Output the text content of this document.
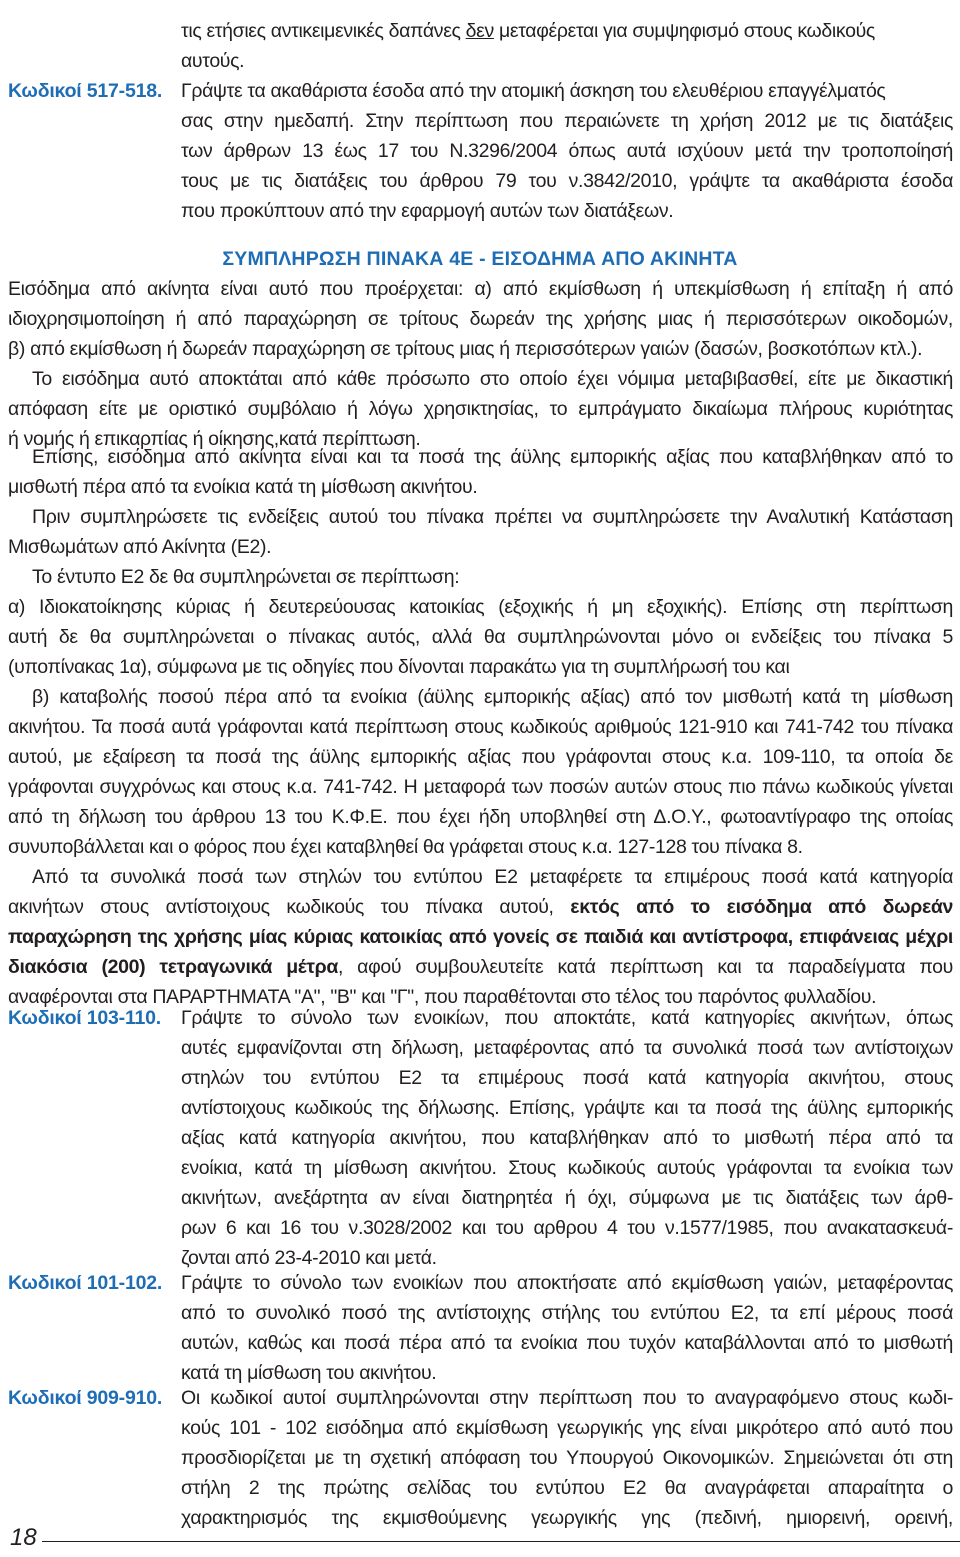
τις ετήσιες αντικειμενικές δαπάνες δεν μεταφέρεται για συμψηφισμό στους κωδικούς
αυτούς.
Κωδικοί 517-518. Γράψτε τα ακαθάριστα έσοδα από την ατομική άσκηση του ελευθέριου επαγγέλματός
σας στην ημεδαπή. Στην περίπτωση που περαιώνετε τη χρήση 2012 με τις διατάξεις
των άρθρων 13 έως 17 του Ν.3296/2004 όπως αυτά ισχύουν μετά την τροποποίησή
τους με τις διατάξεις του άρθρου 79 του ν.3842/2010, γράψτε τα ακαθάριστα έσοδα
που προκύπτουν από την εφαρμογή αυτών των διατάξεων.
ΣΥΜΠΛΗΡΩΣΗ ΠΙΝΑΚΑ 4Ε - ΕΙΣΟΔΗΜΑ ΑΠΟ ΑΚΙΝΗΤΑ
Εισόδημα από ακίνητα είναι αυτό που προέρχεται: α) από εκμίσθωση ή υπεκμίσθωση ή επίταξη ή από
ιδιοχρησιμοποίηση ή από παραχώρηση σε τρίτους δωρεάν της χρήσης μιας ή περισσότερων οικοδομών,
β) από εκμίσθωση ή δωρεάν παραχώρηση σε τρίτους μιας ή περισσότερων γαιών (δασών, βοσκοτόπων κτλ.).
Το εισόδημα αυτό αποκτάται από κάθε πρόσωπο στο οποίο έχει νόμιμα μεταβιβασθεί, είτε με δικαστική
απόφαση είτε με οριστικό συμβόλαιο ή λόγω χρησικτησίας, το εμπράγματο δικαίωμα πλήρους κυριότητας
ή νομής ή επικαρπίας ή οίκησης,κατά περίπτωση.
Επίσης, εισόδημα από ακίνητα είναι και τα ποσά της άϋλης εμπορικής αξίας που καταβλήθηκαν από το
μισθωτή πέρα από τα ενοίκια κατά τη μίσθωση ακινήτου.
Πριν συμπληρώσετε τις ενδείξεις αυτού του πίνακα πρέπει να συμπληρώσετε την Αναλυτική Κατάσταση
Μισθωμάτων από Ακίνητα (Ε2).
Το έντυπο Ε2 δε θα συμπληρώνεται σε περίπτωση:
α) Ιδιοκατοίκησης κύριας ή δευτερεύουσας κατοικίας (εξοχικής ή μη εξοχικής). Επίσης στη περίπτωση
αυτή δε θα συμπληρώνεται ο πίνακας αυτός, αλλά θα συμπληρώνονται μόνο οι ενδείξεις του πίνακα 5
(υποπίνακας 1α), σύμφωνα με τις οδηγίες που δίνονται παρακάτω για τη συμπλήρωσή του και
β) καταβολής ποσού πέρα από τα ενοίκια (άϋλης εμπορικής αξίας) από τον μισθωτή κατά τη μίσθωση
ακινήτου. Τα ποσά αυτά γράφονται κατά περίπτωση στους κωδικούς αριθμούς 121-910 και 741-742 του πίνακα
αυτού, με εξαίρεση τα ποσά της άϋλης εμπορικής αξίας που γράφονται στους κ.α. 109-110, τα οποία δε
γράφονται συγχρόνως και στους κ.α. 741-742. Η μεταφορά των ποσών αυτών στους πιο πάνω κωδικούς γίνεται
από τη δήλωση του άρθρου 13 του Κ.Φ.Ε. που έχει ήδη υποβληθεί στη Δ.Ο.Υ., φωτοαντίγραφο της οποίας
συνυποβάλλεται και ο φόρος που έχει καταβληθεί θα γράφεται στους κ.α. 127-128 του πίνακα 8.
Από τα συνολικά ποσά των στηλών του εντύπου Ε2 μεταφέρετε τα επιμέρους ποσά κατά κατηγορία
ακινήτων στους αντίστοιχους κωδικούς του πίνακα αυτού, εκτός από το εισόδημα από δωρεάν
παραχώρηση της χρήσης μίας κύριας κατοικίας από γονείς σε παιδιά και αντίστροφα, επιφάνειας μέχρι
διακόσια (200) τετραγωνικά μέτρα, αφού συμβουλευτείτε κατά περίπτωση και τα παραδείγματα που
αναφέρονται στα ΠΑΡΑΡΤΗΜΑΤΑ "Α", "Β" και "Γ", που παραθέτονται στο τέλος του παρόντος φυλλαδίου.
Κωδικοί 103-110. Γράψτε το σύνολο των ενοικίων, που αποκτάτε, κατά κατηγορίες ακινήτων, όπως
αυτές εμφανίζονται στη δήλωση, μεταφέροντας από τα συνολικά ποσά των αντίστοιχων
στηλών του εντύπου Ε2 τα επιμέρους ποσά κατά κατηγορία ακινήτου, στους
αντίστοιχους κωδικούς της δήλωσης. Επίσης, γράψτε και τα ποσά της άϋλης εμπορικής
αξίας κατά κατηγορία ακινήτου, που καταβλήθηκαν από το μισθωτή πέρα από τα
ενοίκια, κατά τη μίσθωση ακινήτου. Στους κωδικούς αυτούς γράφονται τα ενοίκια των
ακινήτων, ανεξάρτητα αν είναι διατηρητέα ή όχι, σύμφωνα με τις διατάξεις των άρθ-
ρων 6 και 16 του ν.3028/2002 και του αρθρου 4 του ν.1577/1985, που ανακατασκευά-
ζονται από 23-4-2010 και μετά.
Κωδικοί 101-102. Γράψτε το σύνολο των ενοικίων που αποκτήσατε από εκμίσθωση γαιών, μεταφέροντας
από το συνολικό ποσό της αντίστοιχης στήλης του εντύπου Ε2, τα επί μέρους ποσά
αυτών, καθώς και ποσά πέρα από τα ενοίκια που τυχόν καταβάλλονται από το μισθωτή
κατά τη μίσθωση του ακινήτου.
Κωδικοί 909-910. Οι κωδικοί αυτοί συμπληρώνονται στην περίπτωση που το αναγραφόμενο στους κωδι-
κούς 101 - 102 εισόδημα από εκμίσθωση γεωργικής γης είναι μικρότερο από αυτό που
προσδιορίζεται με τη σχετική απόφαση του Υπουργού Οικονομικών. Σημειώνεται ότι στη
στήλη 2 της πρώτης σελίδας του εντύπου Ε2 θα αναγράφεται απαραίτητα ο
χαρακτηρισμός της εκμισθούμενης γεωργικής γης (πεδινή, ημιορεινή, ορεινή,
18
